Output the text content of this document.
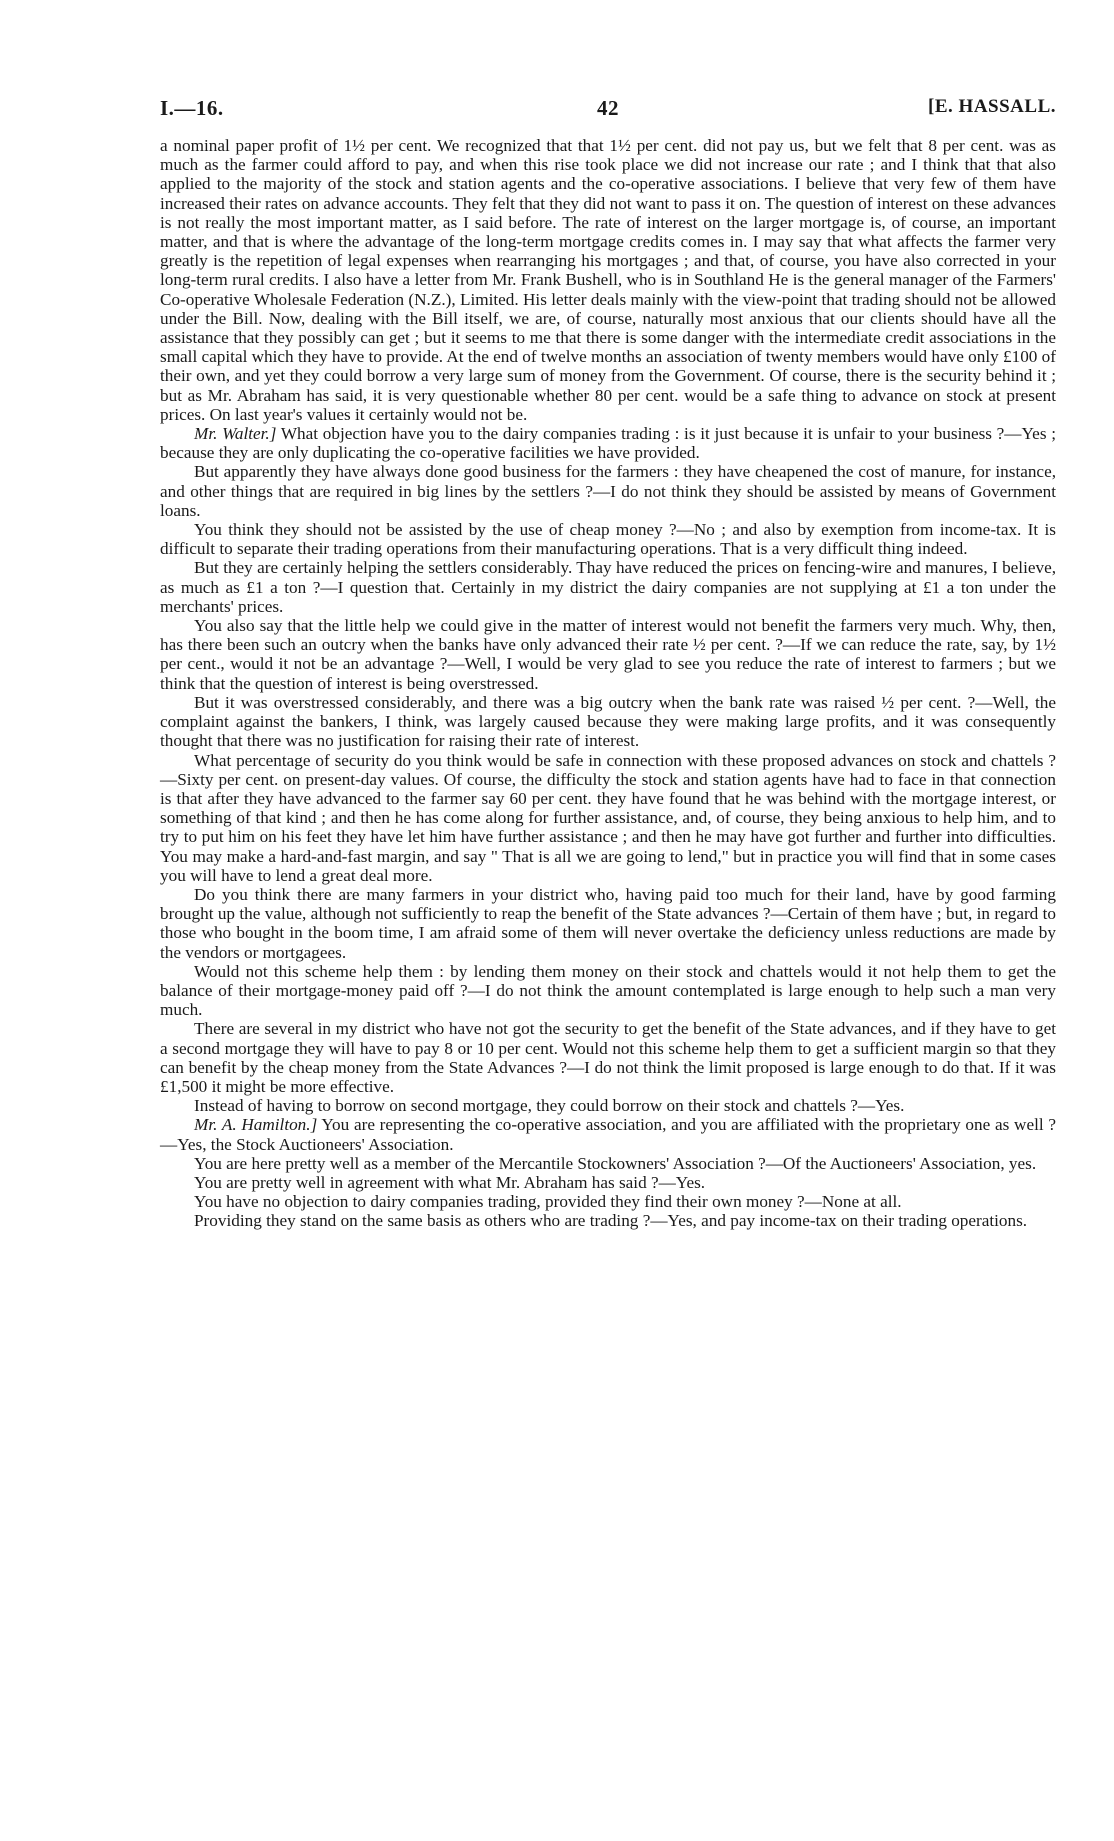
I.—16.	42	[E. HASSALL.

a nominal paper profit of 1½ per cent. We recognized that that 1½ per cent. did not pay us, but we felt that 8 per cent. was as much as the farmer could afford to pay, and when this rise took place we did not increase our rate ; and I think that that also applied to the majority of the stock and station agents and the co-operative associations. I believe that very few of them have increased their rates on advance accounts. They felt that they did not want to pass it on. The question of interest on these advances is not really the most important matter, as I said before. The rate of interest on the larger mortgage is, of course, an important matter, and that is where the advantage of the long-term mortgage credits comes in. I may say that what affects the farmer very greatly is the repetition of legal expenses when rearranging his mortgages ; and that, of course, you have also corrected in your long-term rural credits. I also have a letter from Mr. Frank Bushell, who is in Southland He is the general manager of the Farmers' Co-operative Wholesale Federation (N.Z.), Limited. His letter deals mainly with the view-point that trading should not be allowed under the Bill. Now, dealing with the Bill itself, we are, of course, naturally most anxious that our clients should have all the assistance that they possibly can get ; but it seems to me that there is some danger with the intermediate credit associations in the small capital which they have to provide. At the end of twelve months an association of twenty members would have only £100 of their own, and yet they could borrow a very large sum of money from the Government. Of course, there is the security behind it ; but as Mr. Abraham has said, it is very questionable whether 80 per cent. would be a safe thing to advance on stock at present prices. On last year's values it certainly would not be.

Mr. Walter.] What objection have you to the dairy companies trading : is it just because it is unfair to your business ?—Yes ; because they are only duplicating the co-operative facilities we have provided.

But apparently they have always done good business for the farmers : they have cheapened the cost of manure, for instance, and other things that are required in big lines by the settlers ?—I do not think they should be assisted by means of Government loans.

You think they should not be assisted by the use of cheap money ?—No ; and also by exemption from income-tax. It is difficult to separate their trading operations from their manufacturing operations. That is a very difficult thing indeed.

But they are certainly helping the settlers considerably. Thay have reduced the prices on fencing-wire and manures, I believe, as much as £1 a ton ?—I question that. Certainly in my district the dairy companies are not supplying at £1 a ton under the merchants' prices.

You also say that the little help we could give in the matter of interest would not benefit the farmers very much. Why, then, has there been such an outcry when the banks have only advanced their rate ½ per cent. ?—If we can reduce the rate, say, by 1½ per cent., would it not be an advantage ?—Well, I would be very glad to see you reduce the rate of interest to farmers ; but we think that the question of interest is being overstressed.

But it was overstressed considerably, and there was a big outcry when the bank rate was raised ½ per cent. ?—Well, the complaint against the bankers, I think, was largely caused because they were making large profits, and it was consequently thought that there was no justification for raising their rate of interest.

What percentage of security do you think would be safe in connection with these proposed advances on stock and chattels ?—Sixty per cent. on present-day values. Of course, the difficulty the stock and station agents have had to face in that connection is that after they have advanced to the farmer say 60 per cent. they have found that he was behind with the mortgage interest, or something of that kind ; and then he has come along for further assistance, and, of course, they being anxious to help him, and to try to put him on his feet they have let him have further assistance ; and then he may have got further and further into difficulties. You may make a hard-and-fast margin, and say " That is all we are going to lend," but in practice you will find that in some cases you will have to lend a great deal more.

Do you think there are many farmers in your district who, having paid too much for their land, have by good farming brought up the value, although not sufficiently to reap the benefit of the State advances ?—Certain of them have ; but, in regard to those who bought in the boom time, I am afraid some of them will never overtake the deficiency unless reductions are made by the vendors or mortgagees.

Would not this scheme help them : by lending them money on their stock and chattels would it not help them to get the balance of their mortgage-money paid off ?—I do not think the amount contemplated is large enough to help such a man very much.

There are several in my district who have not got the security to get the benefit of the State advances, and if they have to get a second mortgage they will have to pay 8 or 10 per cent. Would not this scheme help them to get a sufficient margin so that they can benefit by the cheap money from the State Advances ?—I do not think the limit proposed is large enough to do that. If it was £1,500 it might be more effective.

Instead of having to borrow on second mortgage, they could borrow on their stock and chattels ?—Yes.

Mr. A. Hamilton.] You are representing the co-operative association, and you are affiliated with the proprietary one as well ?—Yes, the Stock Auctioneers' Association.

You are here pretty well as a member of the Mercantile Stockowners' Association ?—Of the Auctioneers' Association, yes.

You are pretty well in agreement with what Mr. Abraham has said ?—Yes.

You have no objection to dairy companies trading, provided they find their own money ?—None at all.

Providing they stand on the same basis as others who are trading ?—Yes, and pay income-tax on their trading operations.
